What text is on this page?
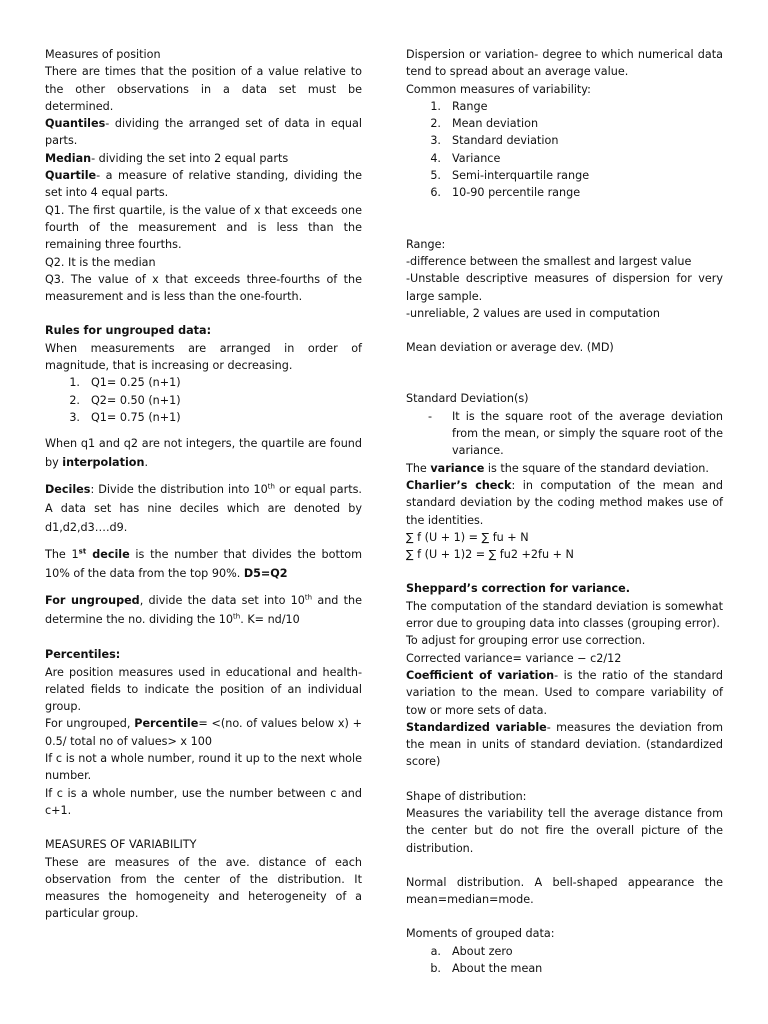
Measures of position

There are times that the position of a value relative to the other observations in a data set must be determined.

Quantiles- dividing the arranged set of data in equal parts.

Median- dividing the set into 2 equal parts

Quartile- a measure of relative standing, dividing the set into 4 equal parts.

Q1. The first quartile, is the value of x that exceeds one fourth of the measurement and is less than the remaining three fourths.

Q2. It is the median

Q3. The value of x that exceeds three-fourths of the measurement and is less than the one-fourth.

Rules for ungrouped data:

When measurements are arranged in order of magnitude, that is increasing or decreasing.

1. Q1= 0.25 (n+1)
2. Q2= 0.50 (n+1)
3. Q1= 0.75 (n+1)

When q1 and q2 are not integers, the quartile are found by interpolation.

Deciles: Divide the distribution into 10th or equal parts. A data set has nine deciles which are denoted by d1,d2,d3….d9.

The 1st decile is the number that divides the bottom 10% of the data from the top 90%. D5=Q2

For ungrouped, divide the data set into 10th and the determine the no. dividing the 10th. K= nd/10

Percentiles:

Are position measures used in educational and health-related fields to indicate the position of an individual group.

For ungrouped, Percentile= <(no. of values below x) + 0.5/ total no of values> x 100

If c is not a whole number, round it up to the next whole number.

If c is a whole number, use the number between c and c+1.

MEASURES OF VARIABILITY

These are measures of the ave. distance of each observation from the center of the distribution. It measures the homogeneity and heterogeneity of a particular group.

Dispersion or variation- degree to which numerical data tend to spread about an average value.

Common measures of variability:

1. Range
2. Mean deviation
3. Standard deviation
4. Variance
5. Semi-interquartile range
6. 10-90 percentile range

Range:

-difference between the smallest and largest value

-Unstable descriptive measures of dispersion for very large sample.

-unreliable, 2 values are used in computation

Mean deviation or average dev. (MD)

Standard Deviation(s)

-	It is the square root of the average deviation from the mean, or simply the square root of the variance.

The variance is the square of the standard deviation.

Charlier’s check: in computation of the mean and standard deviation by the coding method makes use of the identities.

∑ f (U + 1) = ∑ fu + N

∑ f (U + 1)2 = ∑ fu2 +2fu + N

Sheppard’s correction for variance.

The computation of the standard deviation is somewhat error due to grouping data into classes (grouping error).

To adjust for grouping error use correction.

Corrected variance= variance − c2/12

Coefficient of variation- is the ratio of the standard variation to the mean. Used to compare variability of tow or more sets of data.

Standardized variable- measures the deviation from the mean in units of standard deviation. (standardized score)

Shape of distribution:

Measures the variability tell the average distance from the center but do not fire the overall picture of the distribution.

Normal distribution. A bell-shaped appearance the mean=median=mode.

Moments of grouped data:

a. About zero
b. About the mean
